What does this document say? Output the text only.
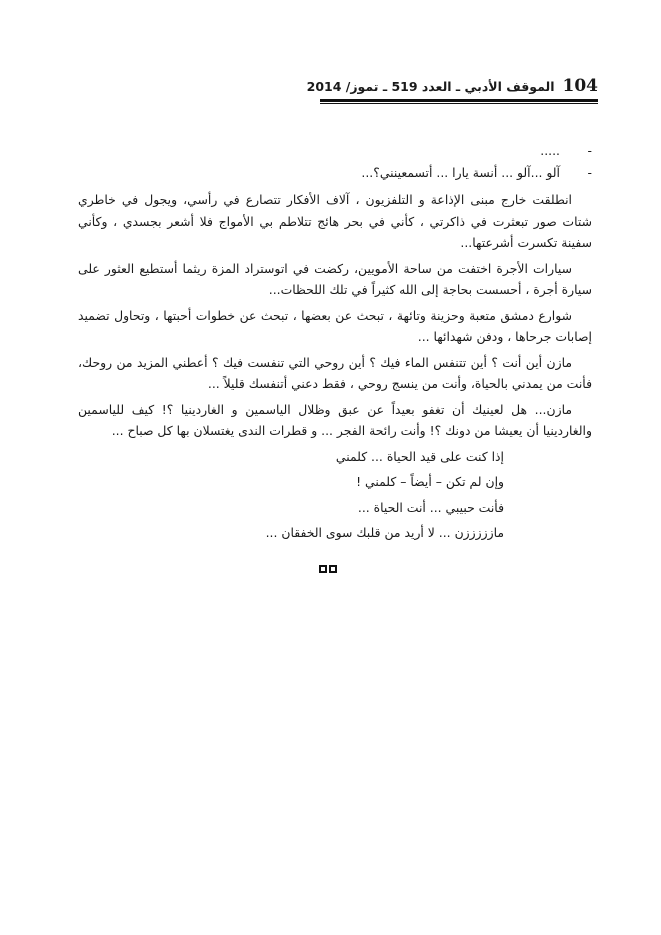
الموقف الأدبي ـ العدد 519 ـ تموز/ 2014 104
-
.....
-
آلو ...آلو ... أنسة يارا ... أتسمعينني؟...

انطلقت خارج مبنى الإذاعة و التلفزيون ، آلاف الأفكار تتصارع في رأسي، ويجول في خاطري شتات صور تبعثرت في ذاكرتي ، كأني في بحر هائج تتلاطم بي الأمواج فلا أشعر بجسدي ، وكأني سفينة تكسرت أشرعتها...

سيارات الأجرة اختفت من ساحة الأمويين، ركضت في اتوستراد المزة ريثما أستطيع العثور على سيارة أجرة ، أحسست بحاجة إلى الله كثيراً في تلك اللحظات...

شوارع دمشق متعبة وحزينة وتائهة ، تبحث عن بعضها ، تبحث عن خطوات أحبتها ، وتحاول تضميد إصابات جرحاها ، ودفن شهدائها ...

مازن أين أنت ؟ أين تتنفس الماء فيك ؟ أين روحي التي تنفست فيك ؟ أعطني المزيد من روحك، فأنت من يمدني بالحياة، وأنت من ينسج روحي ، فقط دعني أتنفسك قليلاً ...

مازن... هل لعينيك أن تغفو بعيداً عن عبق وظلال الياسمين و الغاردينيا ؟! كيف للياسمين والغاردينيا أن يعيشا من دونك ؟! وأنت رائحة الفجر ... و قطرات الندى يغتسلان بها كل صباح ...

إذا كنت على قيد الحياة ... كلمني
وإن لم تكن – أيضاً – كلمني !
فأنت حبيبي ... أنت الحياة ...
مازززززن ... لا أريد من قلبك سوى الخفقان ...
